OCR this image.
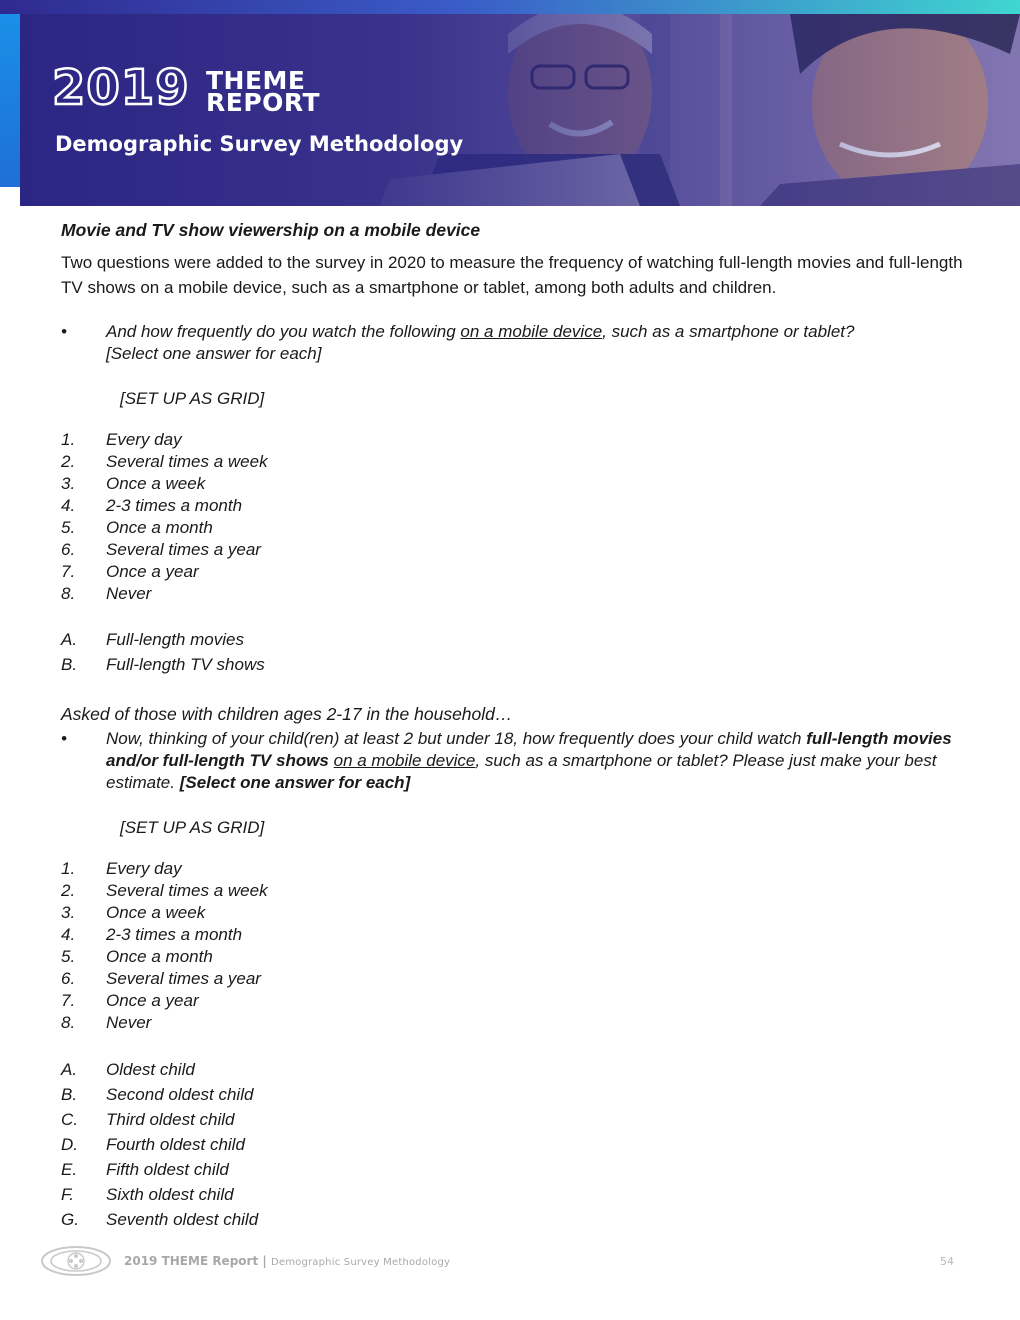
2019 THEME
REPORT
Demographic Survey Methodology
Movie and TV show viewership on a mobile device
Two questions were added to the survey in 2020 to measure the frequency of watching full-length movies and full-length TV shows on a mobile device, such as a smartphone or tablet, among both adults and children.
• And how frequently do you watch the following on a mobile device, such as a smartphone or tablet?
[Select one answer for each]
[SET UP AS GRID]
1.	Every day
2.	Several times a week
3.	Once a week
4.	2-3 times a month
5.	Once a month
6.	Several times a year
7.	Once a year
8.	Never
A.	Full-length movies
B.	Full-length TV shows
Asked of those with children ages 2-17 in the household…
• Now, thinking of your child(ren) at least 2 but under 18, how frequently does your child watch full-length movies and/or full-length TV shows on a mobile device, such as a smartphone or tablet? Please just make your best estimate. [Select one answer for each]
[SET UP AS GRID]
1.	Every day
2.	Several times a week
3.	Once a week
4.	2-3 times a month
5.	Once a month
6.	Several times a year
7.	Once a year
8.	Never
A.	Oldest child
B.	Second oldest child
C.	Third oldest child
D.	Fourth oldest child
E.	Fifth oldest child
F.	Sixth oldest child
G.	Seventh oldest child
2019 THEME Report | Demographic Survey Methodology	54
